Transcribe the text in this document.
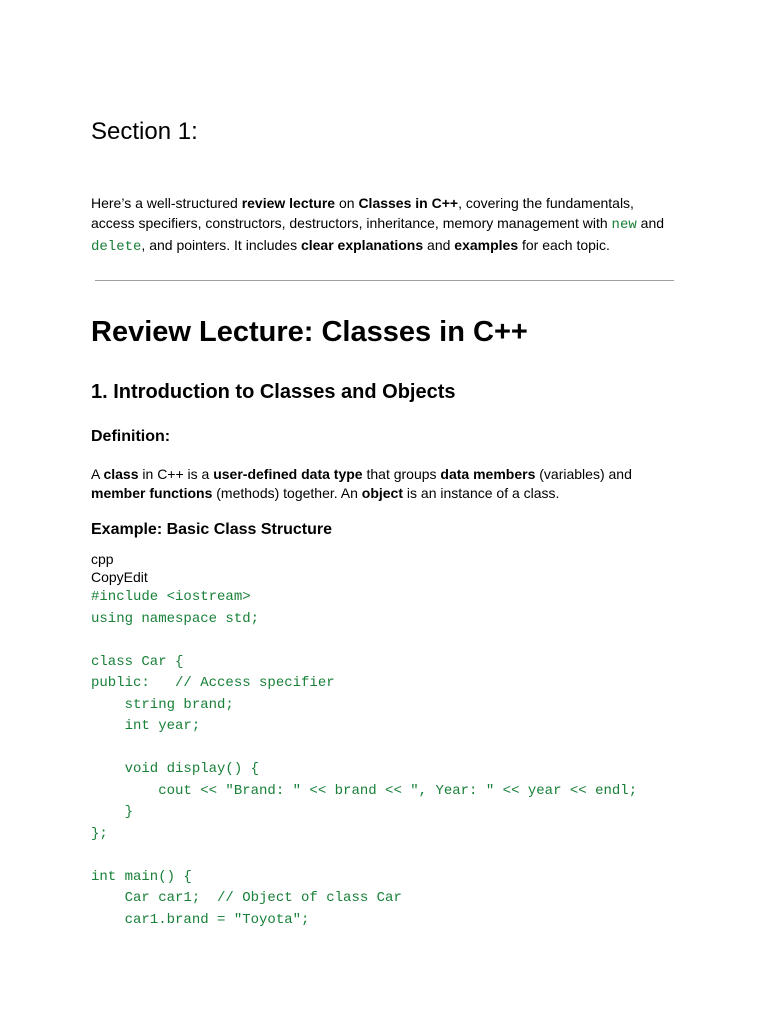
Section 1:

Here’s a well-structured review lecture on Classes in C++, covering the fundamentals, access specifiers, constructors, destructors, inheritance, memory management with new and delete, and pointers. It includes clear explanations and examples for each topic.

Review Lecture: Classes in C++
1. Introduction to Classes and Objects
Definition:

A class in C++ is a user-defined data type that groups data members (variables) and member functions (methods) together. An object is an instance of a class.

Example: Basic Class Structure
cpp
CopyEdit
#include <iostream>
using namespace std;

class Car {
public:   // Access specifier
string brand;
int year;

void display() {
cout << "Brand: " << brand << ", Year: " << year << endl;
}
};

int main() {
Car car1;  // Object of class Car
car1.brand = "Toyota";
